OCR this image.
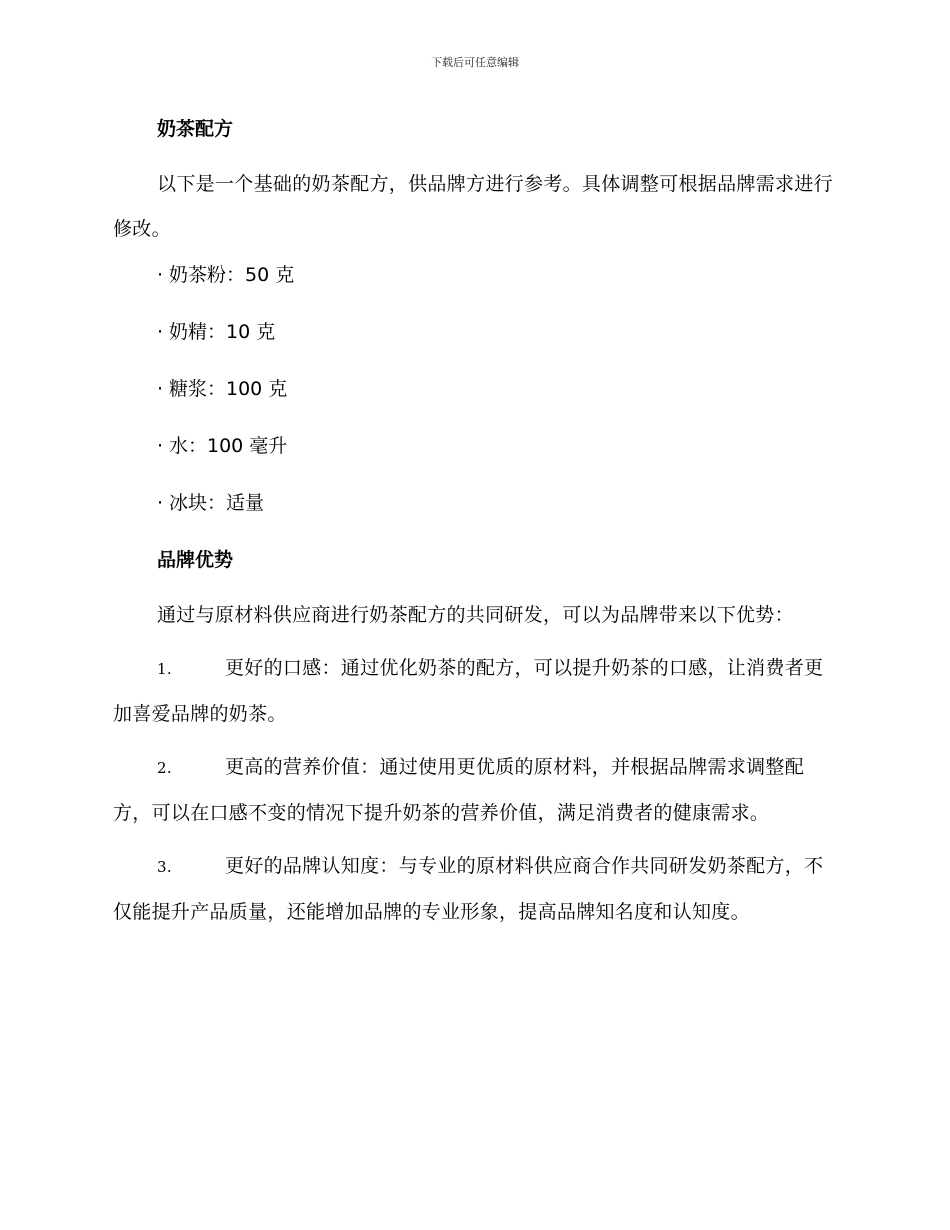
下载后可任意编辑
奶茶配方

以下是一个基础的奶茶配方，供品牌方进行参考。具体调整可根据品牌需求进行修改。

· 奶茶粉：50 克
· 奶精：10 克
· 糖浆：100 克
· 水：100 毫升
· 冰块：适量
品牌优势

通过与原材料供应商进行奶茶配方的共同研发，可以为品牌带来以下优势：

1.	更好的口感：通过优化奶茶的配方，可以提升奶茶的口感，让消费者更加喜爱品牌的奶茶。
2.	更高的营养价值：通过使用更优质的原材料，并根据品牌需求调整配方，可以在口感不变的情况下提升奶茶的营养价值，满足消费者的健康需求。
3.	更好的品牌认知度：与专业的原材料供应商合作共同研发奶茶配方，不仅能提升产品质量，还能增加品牌的专业形象，提高品牌知名度和认知度。
